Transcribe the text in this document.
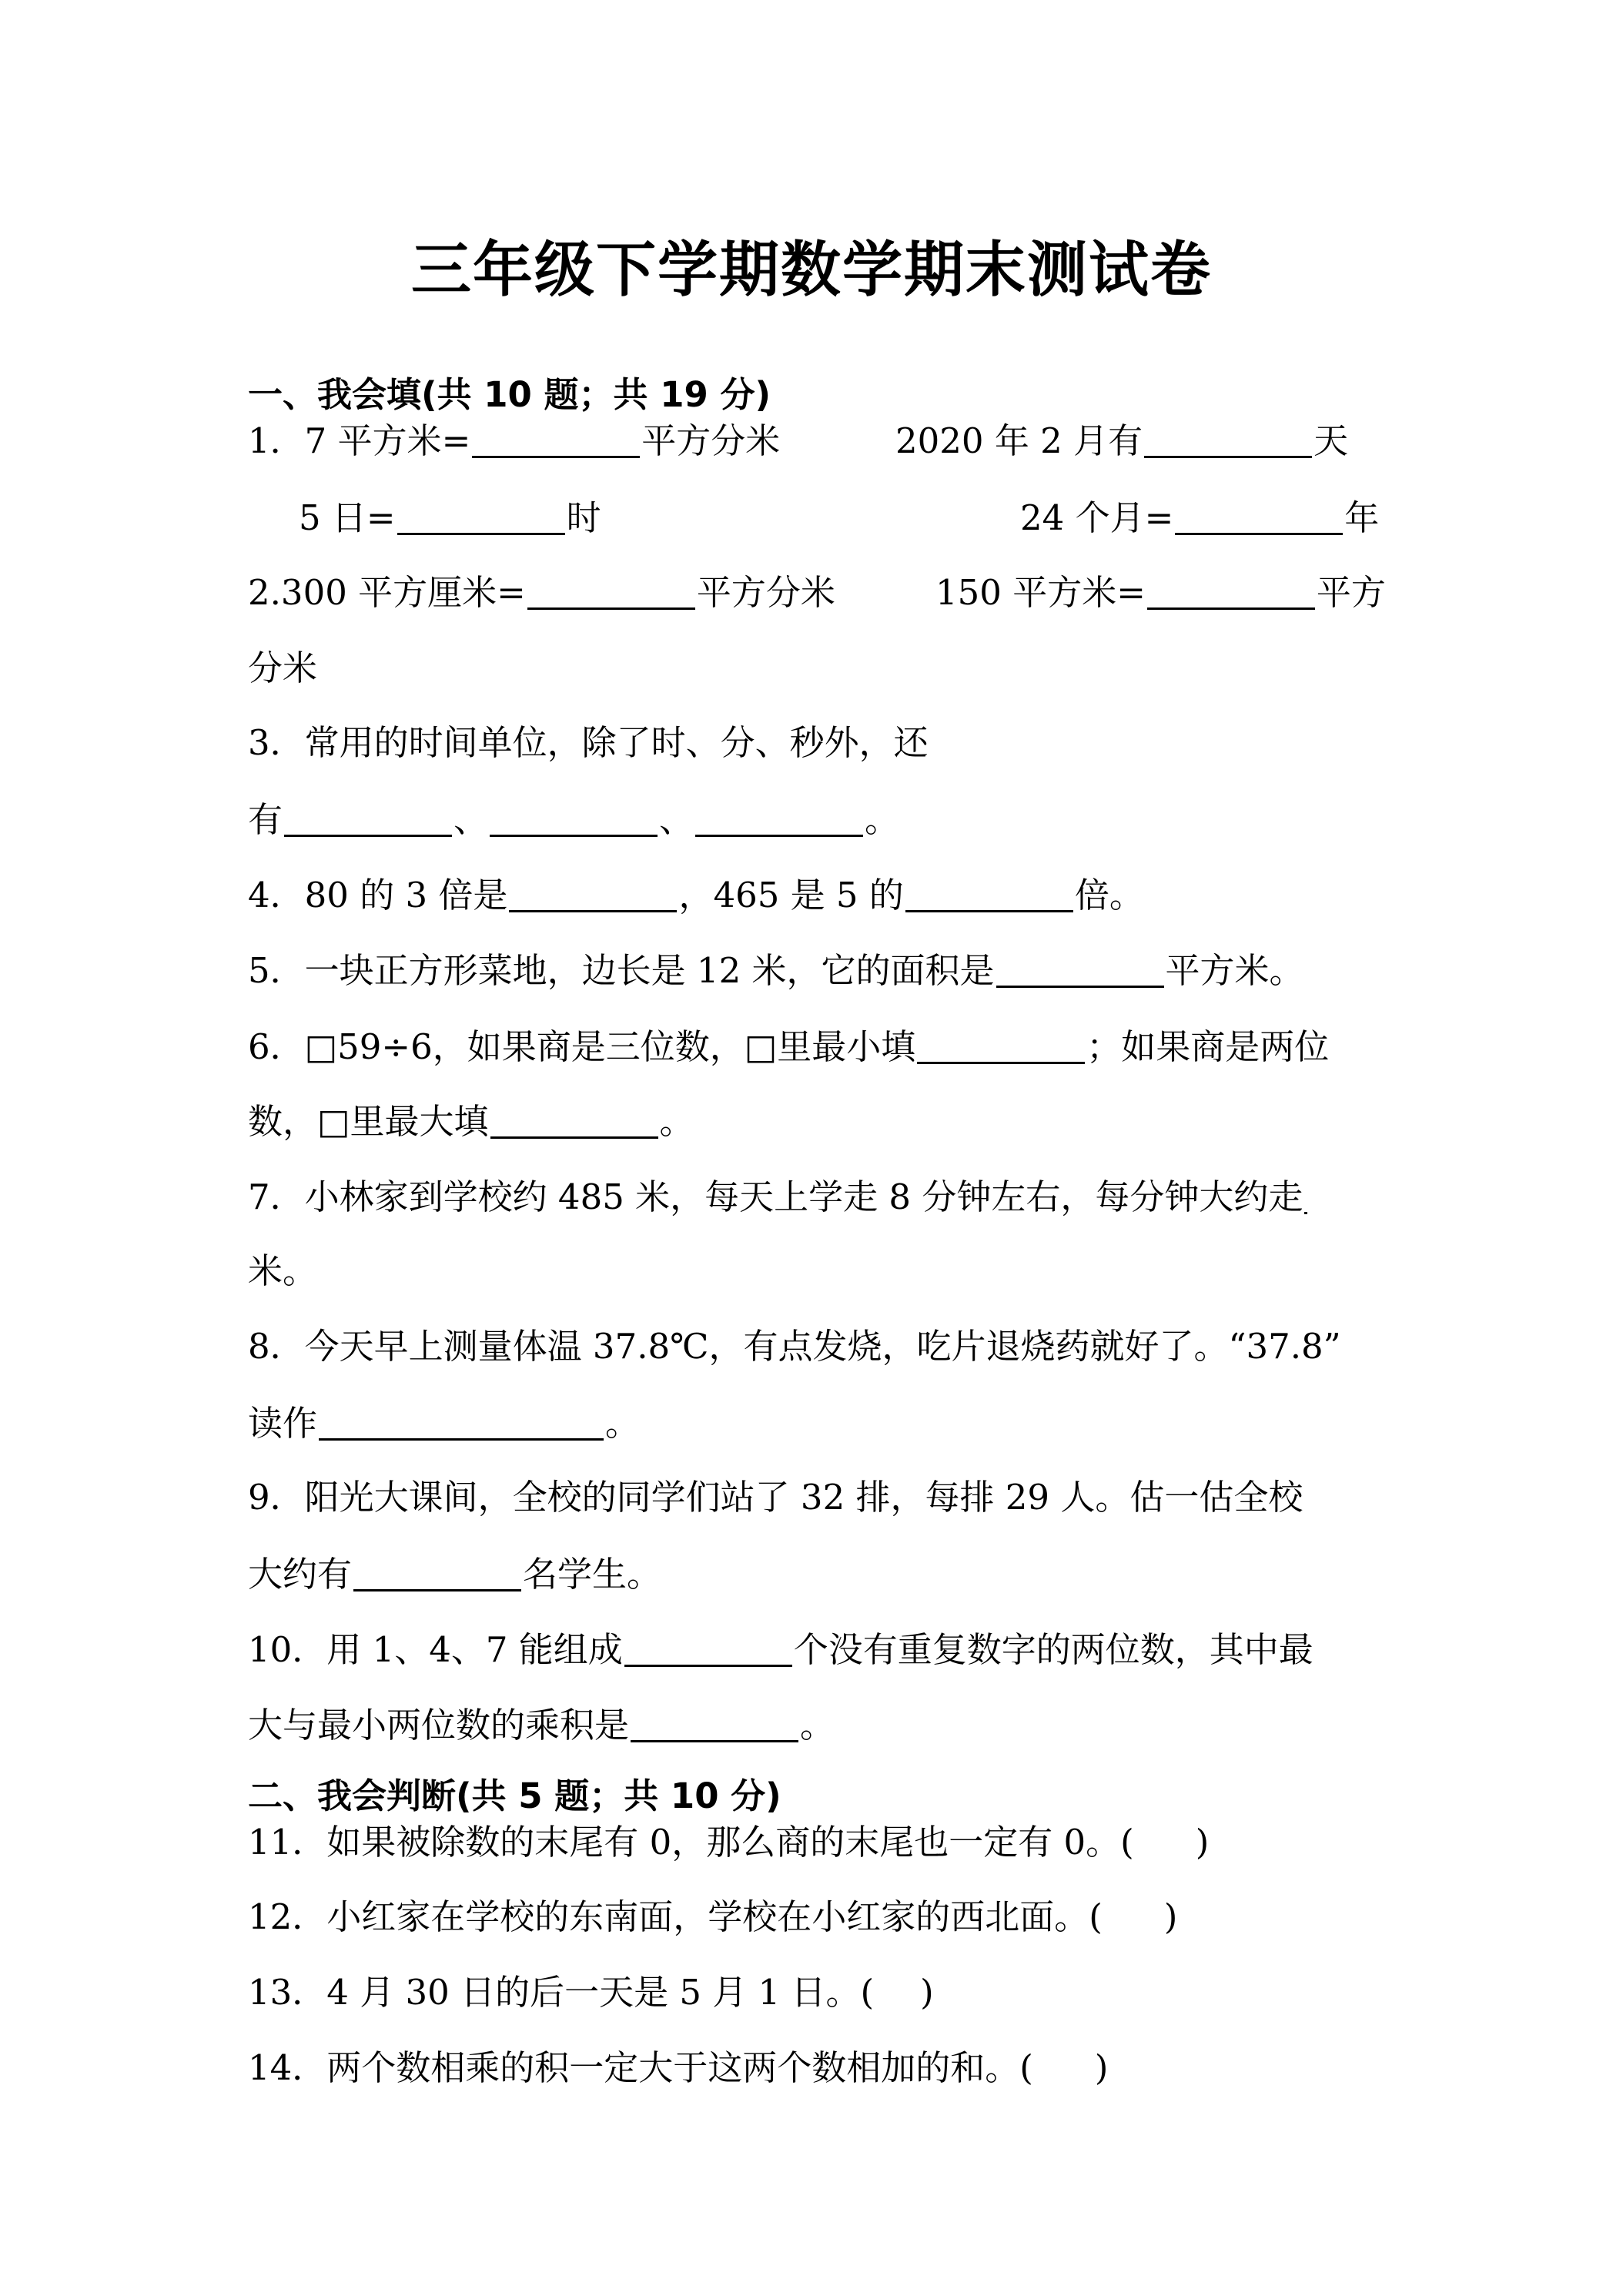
三年级下学期数学期末测试卷
一、我会填(共 10 题；共 19 分)
1．7 平方米=	平方分米	2020 年 2 月有	天
5 日=	时	24 个月=	年
2.300 平方厘米=	平方分米	150 平方米=	平方
分米
3．常用的时间单位，除了时、分、秒外，还
有	、	、	。
4．80 的 3 倍是	，465 是 5 的	倍。
5．一块正方形菜地，边长是 12 米，它的面积是	平方米。
6．□59÷6，如果商是三位数，□里最小填	；如果商是两位
数，□里最大填	。
7．小林家到学校约 485 米，每天上学走 8 分钟左右，每分钟大约走
米。
8．今天早上测量体温 37.8℃，有点发烧，吃片退烧药就好了。“37.8”
读作	。
9．阳光大课间，全校的同学们站了 32 排，每排 29 人。估一估全校
大约有	名学生。
10．用 1、4、7 能组成	个没有重复数字的两位数，其中最
大与最小两位数的乘积是	。
二、我会判断(共 5 题；共 10 分)
11．如果被除数的末尾有 0，那么商的末尾也一定有 0。( )
12．小红家在学校的东南面，学校在小红家的西北面。( )
13．4 月 30 日的后一天是 5 月 1 日。( )
14．两个数相乘的积一定大于这两个数相加的和。( )
